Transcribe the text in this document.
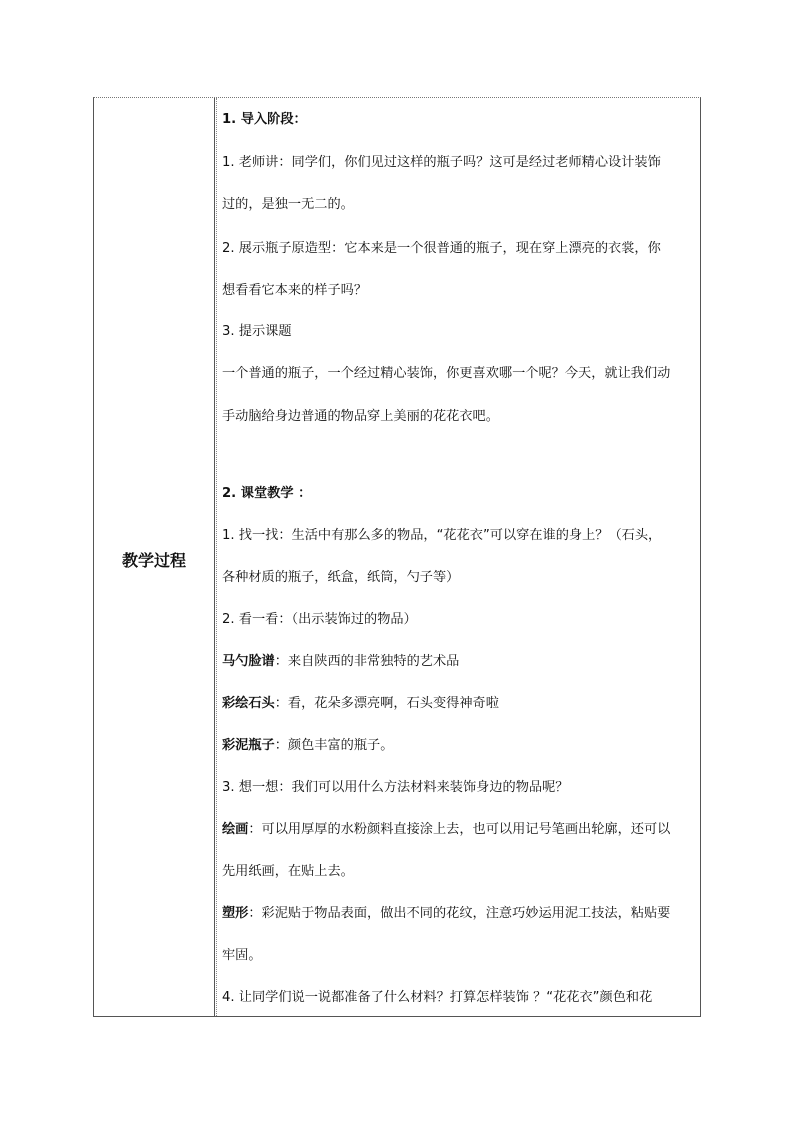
教学过程
1. 导入阶段：
1. 老师讲：同学们，你们见过这样的瓶子吗？这可是经过老师精心设计装饰
过的，是独一无二的。
2. 展示瓶子原造型：它本来是一个很普通的瓶子，现在穿上漂亮的衣裳，你
想看看它本来的样子吗？
3. 提示课题
一个普通的瓶子，一个经过精心装饰，你更喜欢哪一个呢？今天，就让我们动
手动脑给身边普通的物品穿上美丽的花花衣吧。
2. 课堂教学 ：
1. 找一找：生活中有那么多的物品，“花花衣”可以穿在谁的身上？（石头，
各种材质的瓶子，纸盒，纸筒，勺子等）
2. 看一看：（出示装饰过的物品）
马勺脸谱：来自陕西的非常独特的艺术品
彩绘石头：看，花朵多漂亮啊，石头变得神奇啦
彩泥瓶子：颜色丰富的瓶子。
3. 想一想：我们可以用什么方法材料来装饰身边的物品呢？
绘画：可以用厚厚的水粉颜料直接涂上去，也可以用记号笔画出轮廓，还可以
先用纸画，在贴上去。
塑形：彩泥贴于物品表面，做出不同的花纹，注意巧妙运用泥工技法，粘贴要
牢固。
4. 让同学们说一说都准备了什么材料？打算怎样装饰 ？“花花衣”颜色和花
